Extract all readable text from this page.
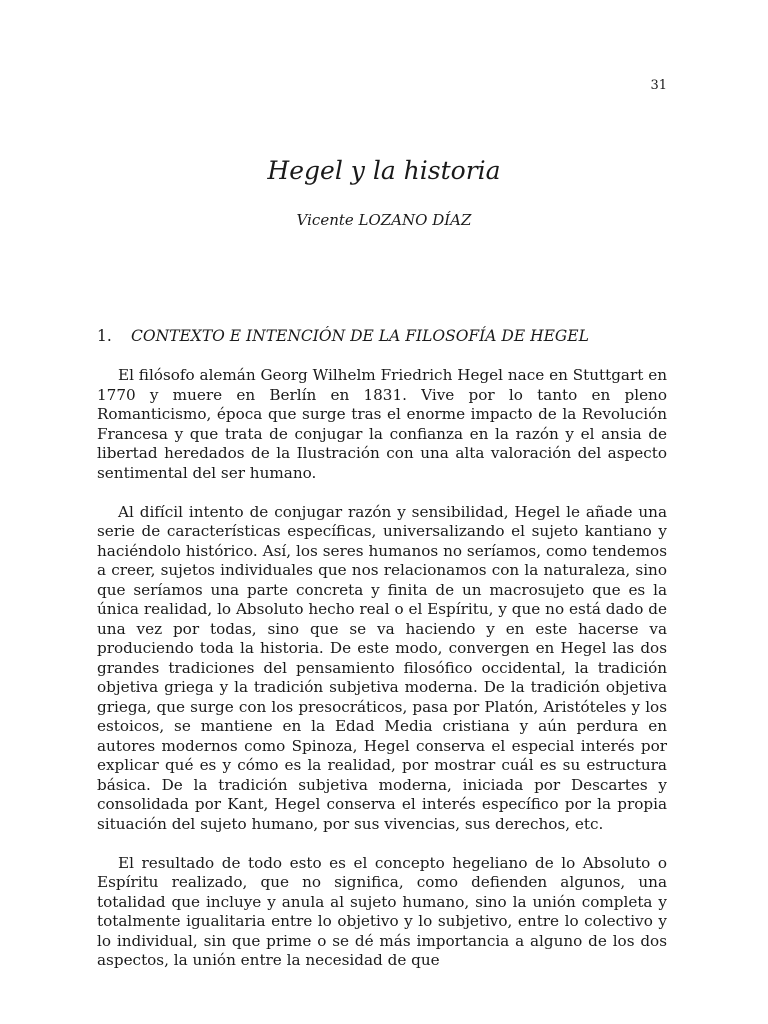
31
Hegel y la historia
Vicente LOZANO DÍAZ
1.	CONTEXTO E INTENCIÓN DE LA FILOSOFÍA DE HEGEL

El filósofo alemán Georg Wilhelm Friedrich Hegel nace en Stuttgart en 1770 y muere en Berlín en 1831. Vive por lo tanto en pleno Romanticismo, época que surge tras el enorme impacto de la Revolución Francesa y que trata de conjugar la confianza en la razón y el ansia de libertad heredados de la Ilustración con una alta valoración del aspecto sentimental del ser humano.

Al difícil intento de conjugar razón y sensibilidad, Hegel le añade una serie de características específicas, universalizando el sujeto kantiano y haciéndolo histórico. Así, los seres humanos no seríamos, como tendemos a creer, sujetos individuales que nos relacionamos con la naturaleza, sino que seríamos una parte concreta y finita de un macrosujeto que es la única realidad, lo Absoluto hecho real o el Espíritu, y que no está dado de una vez por todas, sino que se va haciendo y en este hacerse va produciendo toda la historia. De este modo, convergen en Hegel las dos grandes tradiciones del pensamiento filosófico occidental, la tradición objetiva griega y la tradición subjetiva moderna. De la tradición objetiva griega, que surge con los presocráticos, pasa por Platón, Aristóteles y los estoicos, se mantiene en la Edad Media cristiana y aún perdura en autores modernos como Spinoza, Hegel conserva el especial interés por explicar qué es y cómo es la realidad, por mostrar cuál es su estructura básica. De la tradición subjetiva moderna, iniciada por Descartes y consolidada por Kant, Hegel conserva el interés específico por la propia situación del sujeto humano, por sus vivencias, sus derechos, etc.

El resultado de todo esto es el concepto hegeliano de lo Absoluto o Espíritu realizado, que no significa, como defienden algunos, una totalidad que incluye y anula al sujeto humano, sino la unión completa y totalmente igualitaria entre lo objetivo y lo subjetivo, entre lo colectivo y lo individual, sin que prime o se dé más importancia a alguno de los dos aspectos, la unión entre la necesidad de que
